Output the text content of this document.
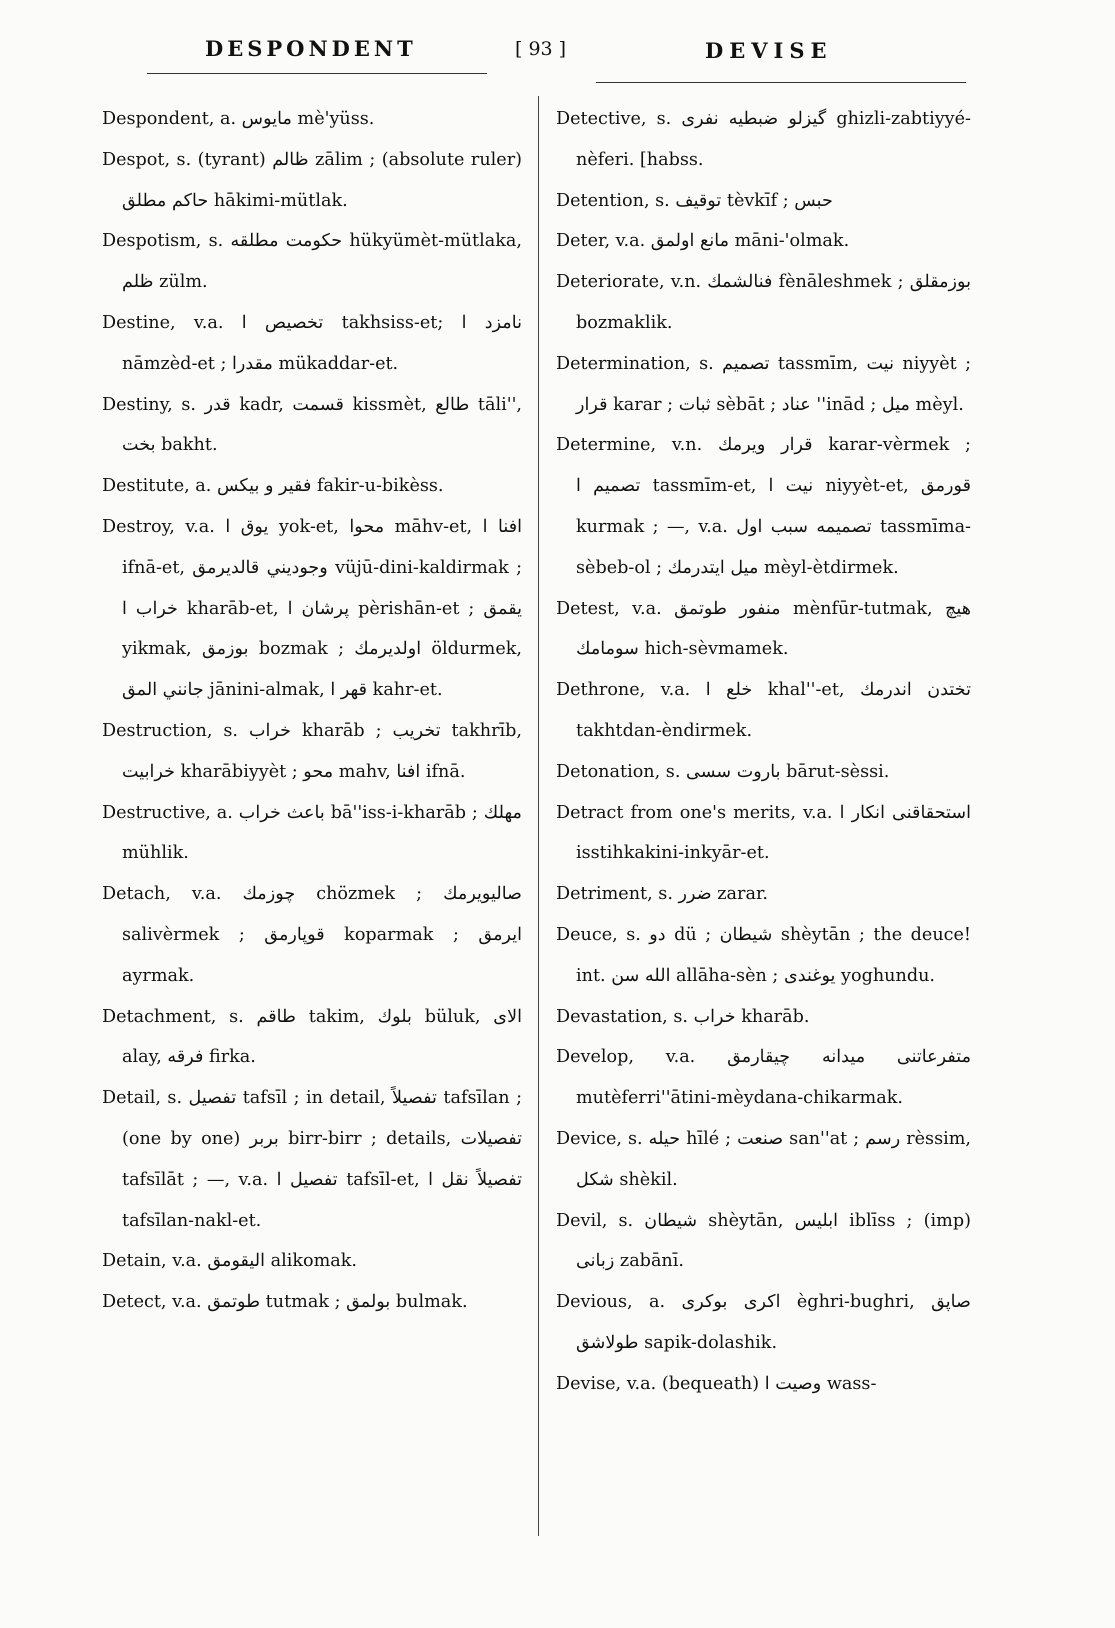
DESPONDENT	[ 93 ]	DEVISE
Despondent, a. مايوس mè'yüss.
Despot, s. (tyrant) ظالم zālim ; (absolute ruler) حاكم مطلق hākimi-mütlak.
Despotism, s. حكومت مطلقه hükyümèt-mütlaka, ظلم zülm.
Destine, v.a. تخصيص ا takhsiss-et; نامزد ا nāmzèd-et ; مقدرا mükaddar-et.
Destiny, s. قدر kadr, قسمت kissmèt, طالع tāli'', بخت bakht.
Destitute, a. فقير و بيكس fakir-u-bikèss.
Destroy, v.a. يوق ا yok-et, محوا māhv-et, افنا ا ifnā-et, وجوديني قالديرمق vüjū-dini-kaldirmak ; خراب ا kharāb-et, پرشان ا pèrishān-et ; يقمق yikmak, بوزمق bozmak ; اولديرمك öldurmek, جانني المق jānini-almak, قهر ا kahr-et.
Destruction, s. خراب kharāb ; تخريب takhrīb, خرابيت kharābiyyèt ; محو mahv, افنا ifnā.
Destructive, a. باعث خراب bā''iss-i-kharāb ; مهلك mühlik.
Detach, v.a. چوزمك chözmek ; صاليويرمك salivèrmek ; قوپارمق koparmak ; ايرمق ayrmak.
Detachment, s. طاقم takim, بلوك büluk, الاى alay, فرقه firka.
Detail, s. تفصيل tafsīl ; in detail, تفصيلاً tafsīlan ; (one by one) بربر birr-birr ; details, تفصيلات tafsīlāt ; —, v.a. تفصيل ا tafsīl-et, تفصيلاً نقل ا tafsīlan-nakl-et.
Detain, v.a. اليقومق alikomak.
Detect, v.a. طوتمق tutmak ; بولمق bulmak.
Detective, s. گيزلو ضبطيه نفرى ghizli-zabtiyyé-nèferi. [habss.
Detention, s. توقيف tèvkīf ; حبس
Deter, v.a. مانع اولمق māni-'olmak.
Deteriorate, v.n. فنالشمك fènāleshmek ; بوزمقلق bozmaklik.
Determination, s. تصميم tassmīm, نيت niyyèt ; قرار karar ; ثبات sèbāt ; عناد ''inād ; ميل mèyl.
Determine, v.n. قرار ويرمك karar-vèrmek ; تصميم ا tassmīm-et, نيت ا niyyèt-et, قورمق kurmak ; —, v.a. تصميمه سبب اول tassmīma-sèbeb-ol ; ميل ايتدرمك mèyl-ètdirmek.
Detest, v.a. منفور طوتمق mènfūr-tutmak, هيچ سومامك hich-sèvmamek.
Dethrone, v.a. خلع ا khal''-et, تختدن اندرمك takhtdan-èndirmek.
Detonation, s. باروت سسى bārut-sèssi.
Detract from one's merits, v.a. استحقاقنى انكار ا isstihkakini-inkyār-et.
Detriment, s. ضرر zarar.
Deuce, s. دو dü ; شيطان shèytān ; the deuce! int. الله سن allāha-sèn ; يوغندى yoghundu.
Devastation, s. خراب kharāb.
Develop, v.a. متفرعاتنى ميدانه چيقارمق mutèferri''ātini-mèydana-chikarmak.
Device, s. حيله hīlé ; صنعت san''at ; رسم rèssim, شكل shèkil.
Devil, s. شيطان shèytān, ابليس iblīss ; (imp) زبانى zabānī.
Devious, a. اكرى بوكرى èghri-bughri, صاپق طولاشق sapik-dolashik.
Devise, v.a. (bequeath) وصيت ا wass-
